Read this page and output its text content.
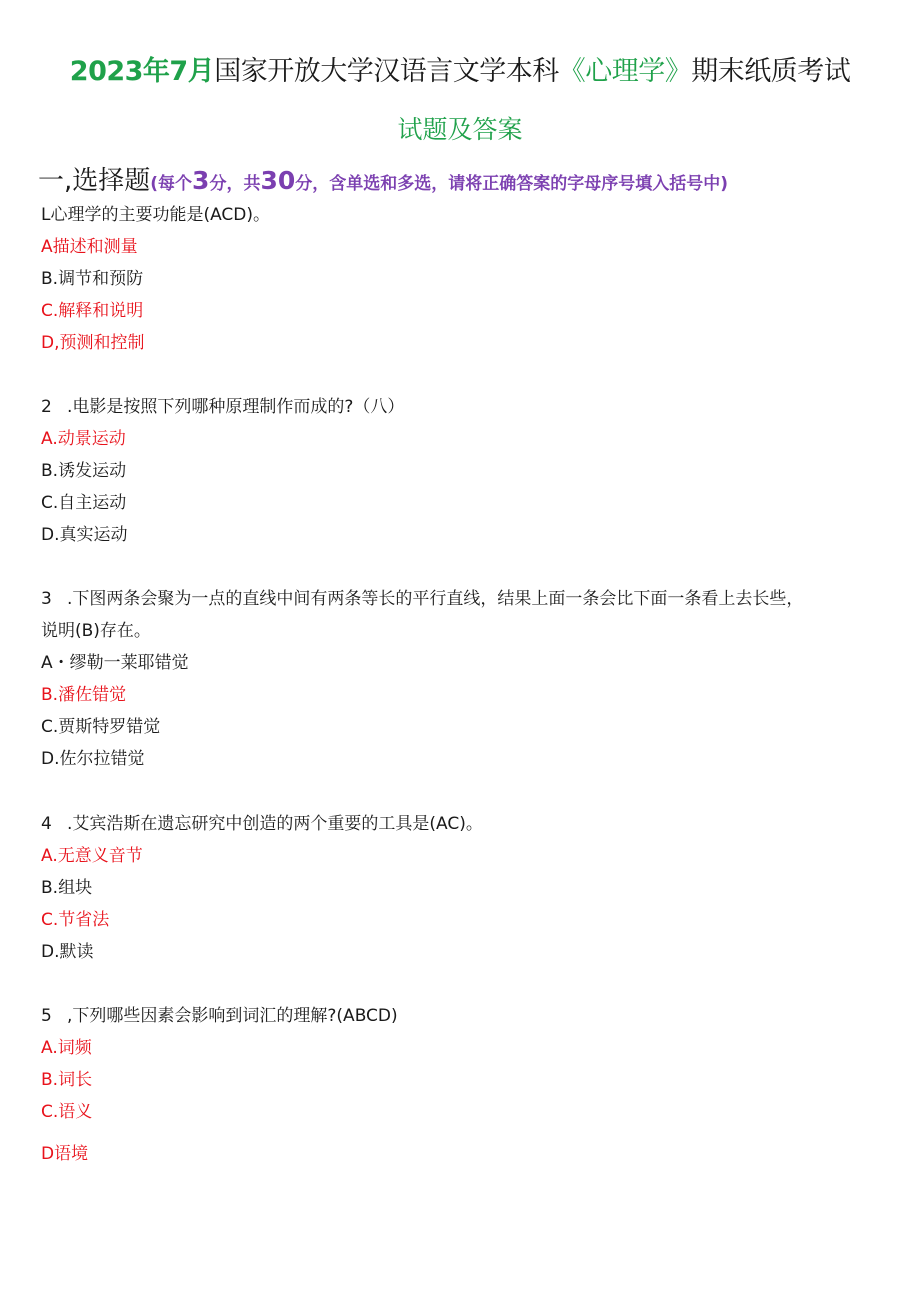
2023年7月国家开放大学汉语言文学本科《心理学》期末纸质考试
试题及答案
一,选择题(每个3分，共30分，含单选和多选，请将正确答案的字母序号填入括号中)
L心理学的主要功能是(ACD)。
A描述和测量
B.调节和预防
C.解释和说明
D,预测和控制
2 .电影是按照下列哪种原理制作而成的?（八）
A.动景运动
B.诱发运动
C.自主运动
D.真实运动
3 .下图两条会聚为一点的直线中间有两条等长的平行直线，结果上面一条会比下面一条看上去长些，
说明(B)存在。
A・缪勒一莱耶错觉
B.潘佐错觉
C.贾斯特罗错觉
D.佐尔拉错觉
4 .艾宾浩斯在遗忘研究中创造的两个重要的工具是(AC)。
A.无意义音节
B.组块
C.节省法
D.默读
5 ,下列哪些因素会影响到词汇的理解?(ABCD)
A.词频
B.词长
C.语义
D语境
